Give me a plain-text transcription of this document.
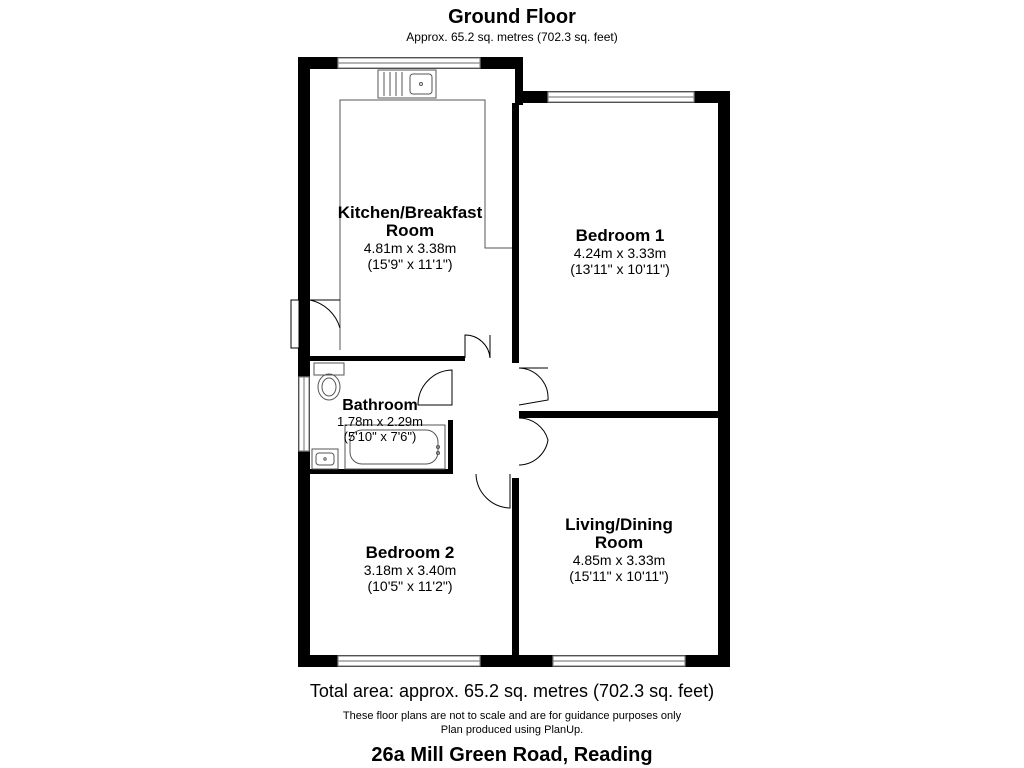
Ground Floor
Approx. 65.2 sq. metres (702.3 sq. feet)
Kitchen/Breakfast
Room
4.81m x 3.38m
(15'9" x 11'1")
Bedroom 1
4.24m x 3.33m
(13'11" x 10'11")
Bathroom
1.78m x 2.29m
(5'10" x 7'6")
Bedroom 2
3.18m x 3.40m
(10'5" x 11'2")
Living/Dining
Room
4.85m x 3.33m
(15'11" x 10'11")
Total area: approx. 65.2 sq. metres (702.3 sq. feet)
These floor plans are not to scale and are for guidance purposes only
Plan produced using PlanUp.
26a Mill Green Road, Reading
